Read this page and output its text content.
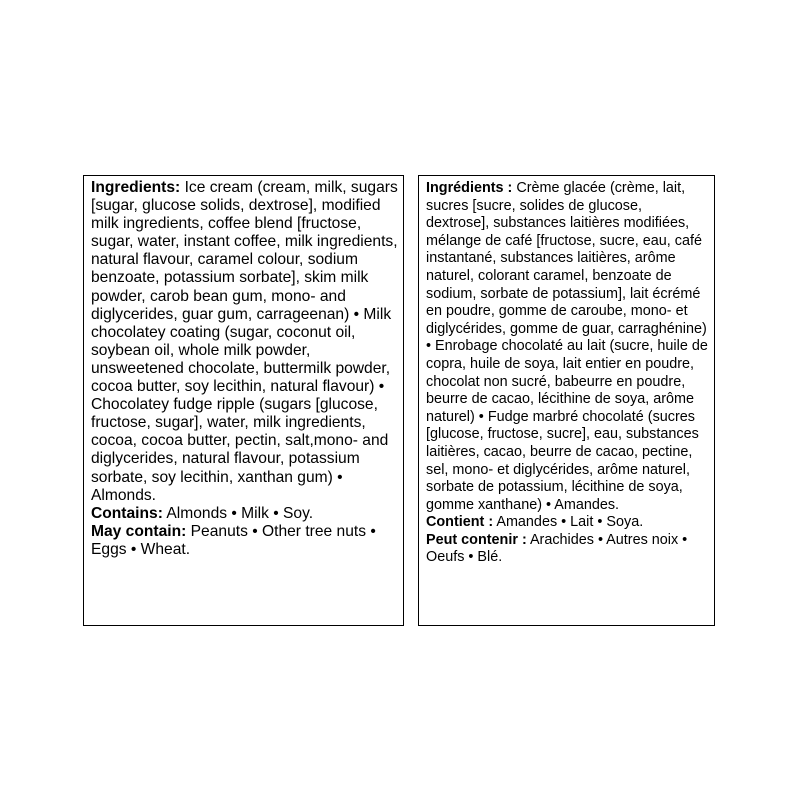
Ingredients: Ice cream (cream, milk, sugars [sugar, glucose solids, dextrose], modified milk ingredients, coffee blend [fructose, sugar, water, instant coffee, milk ingredients, natural flavour, caramel colour, sodium benzoate, potassium sorbate], skim milk powder, carob bean gum, mono- and diglycerides, guar gum, carrageenan) • Milk chocolatey coating (sugar, coconut oil, soybean oil, whole milk powder, unsweetened chocolate, buttermilk powder, cocoa butter, soy lecithin, natural flavour) • Chocolatey fudge ripple (sugars [glucose, fructose, sugar], water, milk ingredients, cocoa, cocoa butter, pectin, salt,mono- and diglycerides, natural flavour, potassium sorbate, soy lecithin, xanthan gum) • Almonds.

Contains: Almonds • Milk • Soy.

May contain: Peanuts • Other tree nuts • Eggs • Wheat.

Ingrédients : Crème glacée (crème, lait, sucres [sucre, solides de glucose, dextrose], substances laitières modifiées, mélange de café [fructose, sucre, eau, café instantané, substances laitières, arôme naturel, colorant caramel, benzoate de sodium, sorbate de potassium], lait écrémé en poudre, gomme de caroube, mono- et diglycérides, gomme de guar, carraghénine) • Enrobage chocolaté au lait (sucre, huile de copra, huile de soya, lait entier en poudre, chocolat non sucré, babeurre en poudre, beurre de cacao, lécithine de soya, arôme naturel) • Fudge marbré chocolaté (sucres [glucose, fructose, sucre], eau, substances laitières, cacao, beurre de cacao, pectine, sel, mono- et diglycérides, arôme naturel, sorbate de potassium, lécithine de soya, gomme xanthane) • Amandes.

Contient : Amandes • Lait • Soya.

Peut contenir : Arachides • Autres noix • Oeufs • Blé.
